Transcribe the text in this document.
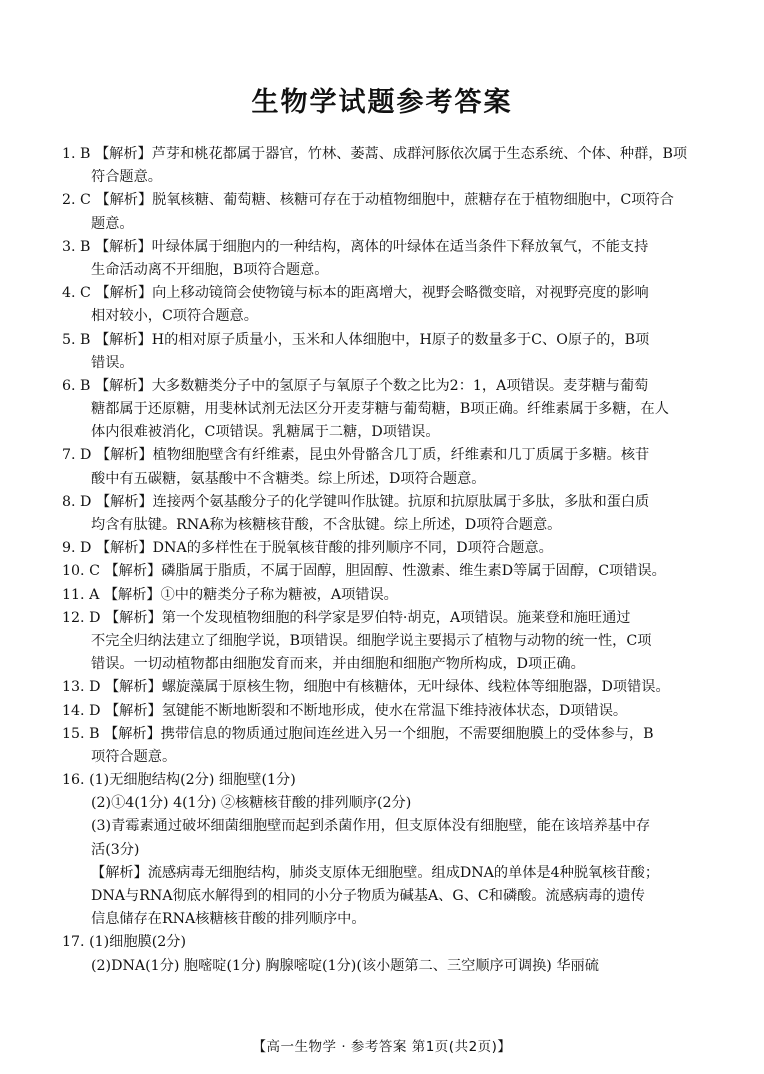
生物学试题参考答案
1. B 【解析】芦芽和桃花都属于器官，竹林、萎蒿、成群河豚依次属于生态系统、个体、种群，B项
符合题意。
2. C 【解析】脱氧核糖、葡萄糖、核糖可存在于动植物细胞中，蔗糖存在于植物细胞中，C项符合
题意。
3. B 【解析】叶绿体属于细胞内的一种结构，离体的叶绿体在适当条件下释放氧气，不能支持
生命活动离不开细胞，B项符合题意。
4. C 【解析】向上移动镜筒会使物镜与标本的距离增大，视野会略微变暗，对视野亮度的影响
相对较小，C项符合题意。
5. B 【解析】H的相对原子质量小，玉米和人体细胞中，H原子的数量多于C、O原子的，B项
错误。
6. B 【解析】大多数糖类分子中的氢原子与氧原子个数之比为2：1，A项错误。麦芽糖与葡萄
糖都属于还原糖，用斐林试剂无法区分开麦芽糖与葡萄糖，B项正确。纤维素属于多糖，在人
体内很难被消化，C项错误。乳糖属于二糖，D项错误。
7. D 【解析】植物细胞壁含有纤维素，昆虫外骨骼含几丁质，纤维素和几丁质属于多糖。核苷
酸中有五碳糖，氨基酸中不含糖类。综上所述，D项符合题意。
8. D 【解析】连接两个氨基酸分子的化学键叫作肽键。抗原和抗原肽属于多肽，多肽和蛋白质
均含有肽键。RNA称为核糖核苷酸，不含肽键。综上所述，D项符合题意。
9. D 【解析】DNA的多样性在于脱氧核苷酸的排列顺序不同，D项符合题意。
10. C 【解析】磷脂属于脂质，不属于固醇，胆固醇、性激素、维生素D等属于固醇，C项错误。
11. A 【解析】①中的糖类分子称为糖被，A项错误。
12. D 【解析】第一个发现植物细胞的科学家是罗伯特·胡克，A项错误。施莱登和施旺通过
不完全归纳法建立了细胞学说，B项错误。细胞学说主要揭示了植物与动物的统一性，C项
错误。一切动植物都由细胞发育而来，并由细胞和细胞产物所构成，D项正确。
13. D 【解析】螺旋藻属于原核生物，细胞中有核糖体，无叶绿体、线粒体等细胞器，D项错误。
14. D 【解析】氢键能不断地断裂和不断地形成，使水在常温下维持液体状态，D项错误。
15. B 【解析】携带信息的物质通过胞间连丝进入另一个细胞，不需要细胞膜上的受体参与，B
项符合题意。
16. (1)无细胞结构(2分) 细胞壁(1分)
(2)①4(1分) 4(1分) ②核糖核苷酸的排列顺序(2分)
(3)青霉素通过破坏细菌细胞壁而起到杀菌作用，但支原体没有细胞壁，能在该培养基中存
活(3分)
【解析】流感病毒无细胞结构，肺炎支原体无细胞壁。组成DNA的单体是4种脱氧核苷酸；
DNA与RNA彻底水解得到的相同的小分子物质为碱基A、G、C和磷酸。流感病毒的遗传
信息储存在RNA核糖核苷酸的排列顺序中。
17. (1)细胞膜(2分)
(2)DNA(1分) 胞嘧啶(1分) 胸腺嘧啶(1分)(该小题第二、三空顺序可调换) 华丽硫
【高一生物学 · 参考答案 第1页(共2页)】
